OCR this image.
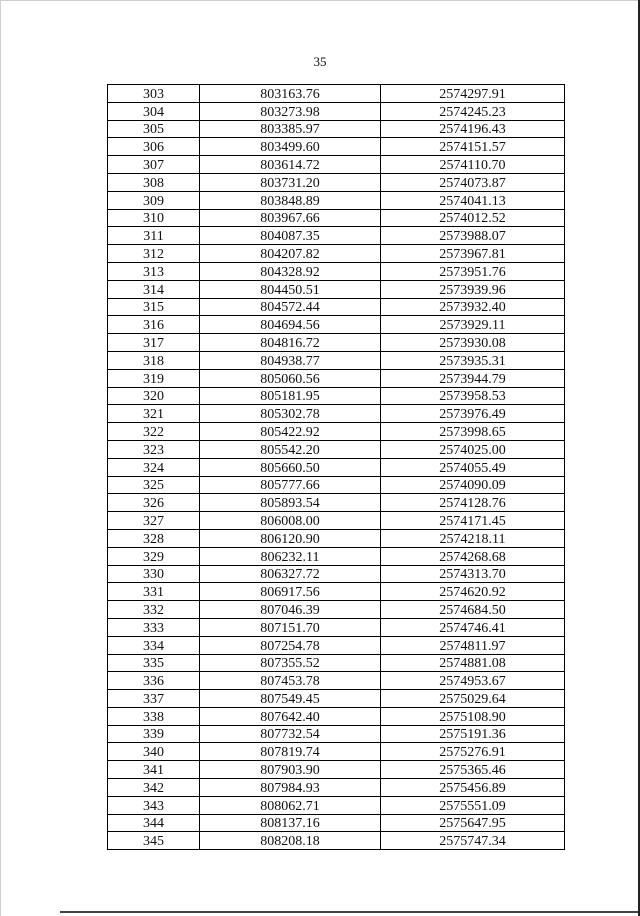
35
303	803163.76	2574297.91
304	803273.98	2574245.23
305	803385.97	2574196.43
306	803499.60	2574151.57
307	803614.72	2574110.70
308	803731.20	2574073.87
309	803848.89	2574041.13
310	803967.66	2574012.52
311	804087.35	2573988.07
312	804207.82	2573967.81
313	804328.92	2573951.76
314	804450.51	2573939.96
315	804572.44	2573932.40
316	804694.56	2573929.11
317	804816.72	2573930.08
318	804938.77	2573935.31
319	805060.56	2573944.79
320	805181.95	2573958.53
321	805302.78	2573976.49
322	805422.92	2573998.65
323	805542.20	2574025.00
324	805660.50	2574055.49
325	805777.66	2574090.09
326	805893.54	2574128.76
327	806008.00	2574171.45
328	806120.90	2574218.11
329	806232.11	2574268.68
330	806327.72	2574313.70
331	806917.56	2574620.92
332	807046.39	2574684.50
333	807151.70	2574746.41
334	807254.78	2574811.97
335	807355.52	2574881.08
336	807453.78	2574953.67
337	807549.45	2575029.64
338	807642.40	2575108.90
339	807732.54	2575191.36
340	807819.74	2575276.91
341	807903.90	2575365.46
342	807984.93	2575456.89
343	808062.71	2575551.09
344	808137.16	2575647.95
345	808208.18	2575747.34
